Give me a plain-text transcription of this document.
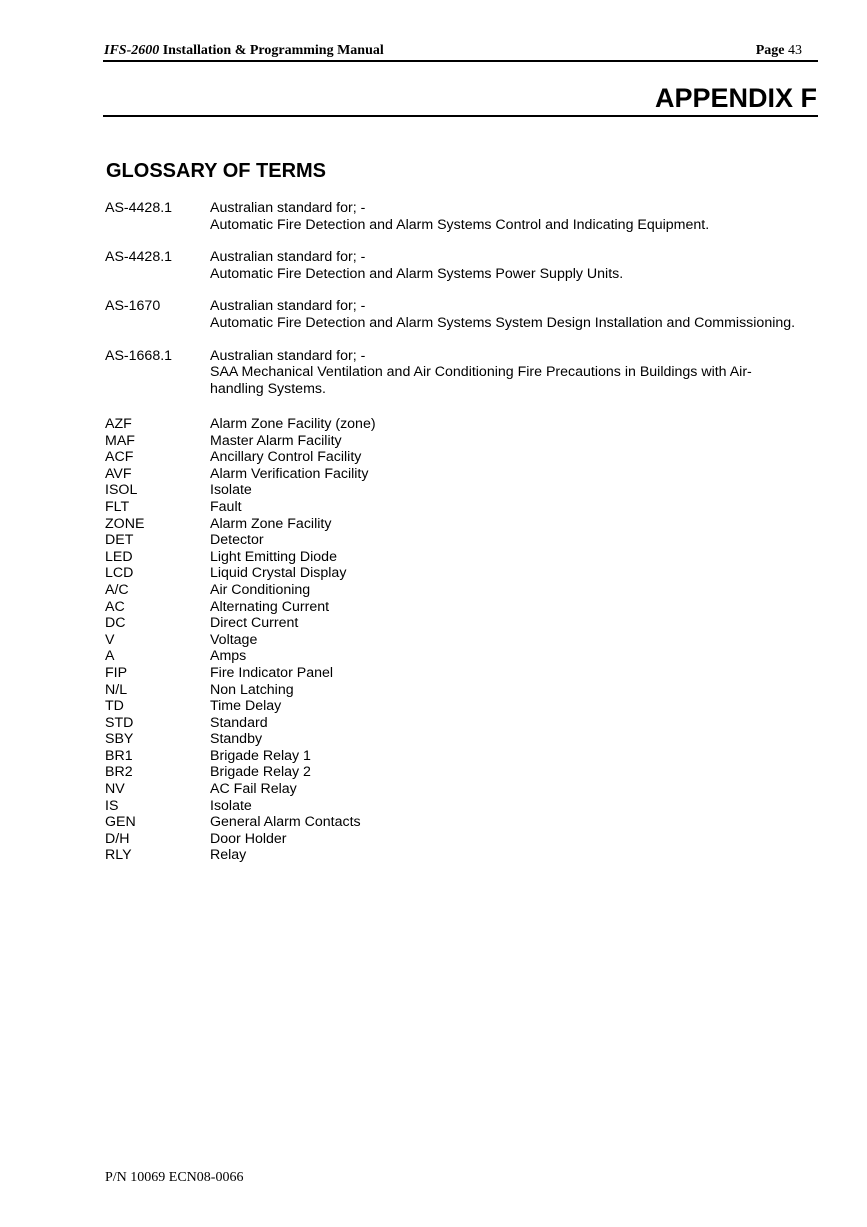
IFS-2600 Installation & Programming Manual	Page 43
APPENDIX F
GLOSSARY OF TERMS
AS-4428.1	Australian standard for; -
Automatic Fire Detection and Alarm Systems Control and Indicating Equipment.
AS-4428.1	Australian standard for; -
Automatic Fire Detection and Alarm Systems Power Supply Units.
AS-1670	Australian standard for; -
Automatic Fire Detection and Alarm Systems System Design Installation and Commissioning.
AS-1668.1	Australian standard for; -
SAA Mechanical Ventilation and Air Conditioning Fire Precautions in Buildings with Air-
handling Systems.
AZF	Alarm Zone Facility (zone)
MAF	Master Alarm Facility
ACF	Ancillary Control Facility
AVF	Alarm Verification Facility
ISOL	Isolate
FLT	Fault
ZONE	Alarm Zone Facility
DET	Detector
LED	Light Emitting Diode
LCD	Liquid Crystal Display
A/C	Air Conditioning
AC	Alternating Current
DC	Direct Current
V	Voltage
A	Amps
FIP	Fire Indicator Panel
N/L	Non Latching
TD	Time Delay
STD	Standard
SBY	Standby
BR1	Brigade Relay 1
BR2	Brigade Relay 2
NV	AC Fail Relay
IS	Isolate
GEN	General Alarm Contacts
D/H	Door Holder
RLY	Relay
P/N 10069 ECN08-0066
